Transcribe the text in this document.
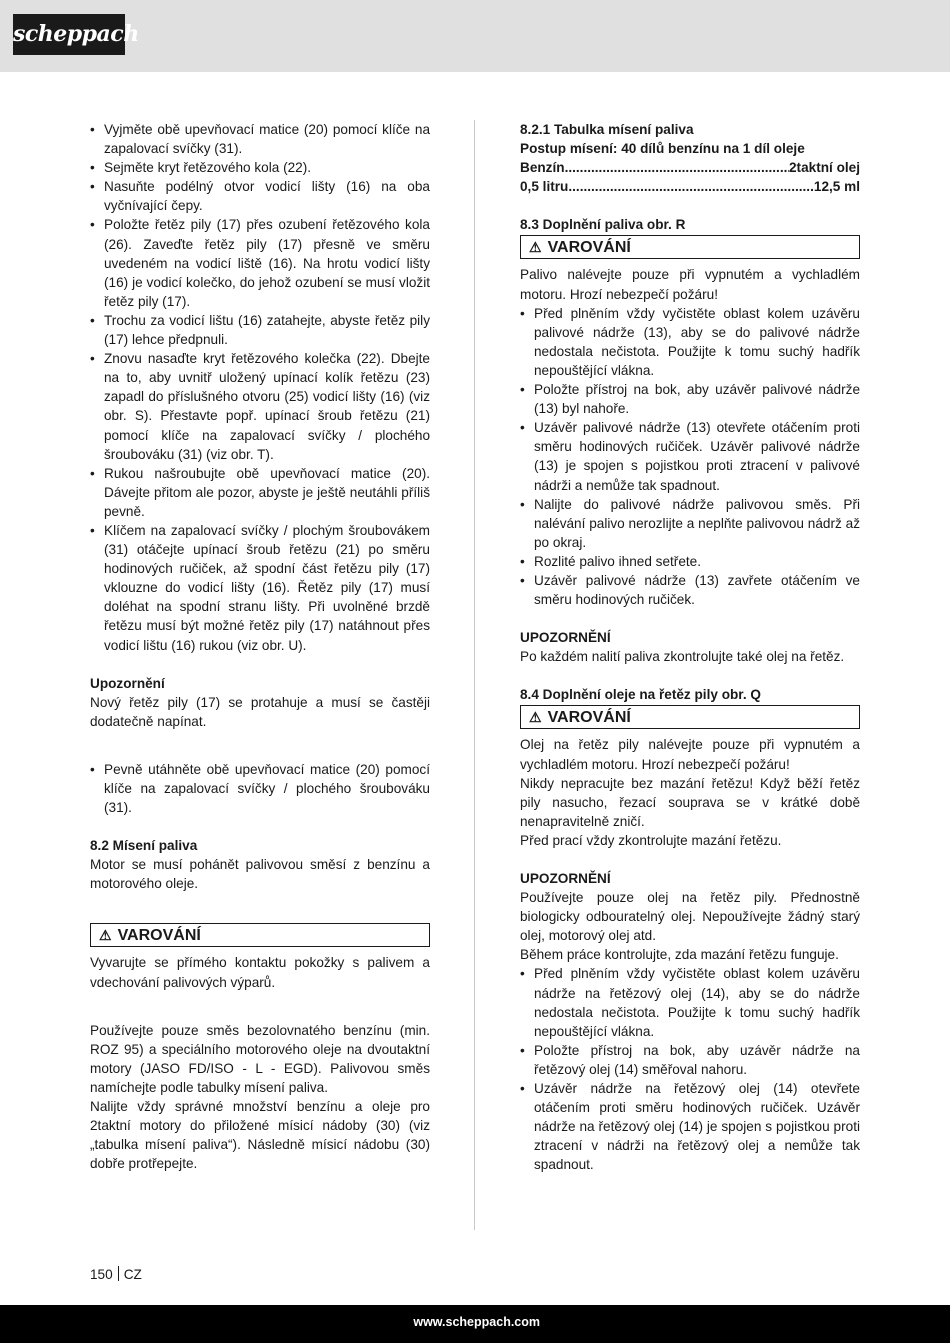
scheppach
• Vyjměte obě upevňovací matice (20) pomocí klíče na zapalovací svíčky (31).
• Sejměte kryt řetězového kola (22).
• Nasuňte podélný otvor vodicí lišty (16) na oba vyčnívající čepy.
• Položte řetěz pily (17) přes ozubení řetězového kola (26). Zaveďte řetěz pily (17) přesně ve směru uvedeném na vodicí liště (16). Na hrotu vodicí lišty (16) je vodicí kolečko, do jehož ozubení se musí vložit řetěz pily (17).
• Trochu za vodicí lištu (16) zatahejte, abyste řetěz pily (17) lehce předpnuli.
• Znovu nasaďte kryt řetězového kolečka (22). Dbejte na to, aby uvnitř uložený upínací kolík řetězu (23) zapadl do příslušného otvoru (25) vodicí lišty (16) (viz obr. S). Přestavte popř. upínací šroub řetězu (21) pomocí klíče na zapalovací svíčky / plochého šroubováku (31) (viz obr. T).
• Rukou našroubujte obě upevňovací matice (20). Dávejte přitom ale pozor, abyste je ještě neutáhli příliš pevně.
• Klíčem na zapalovací svíčky / plochým šroubovákem (31) otáčejte upínací šroub řetězu (21) po směru hodinových ručiček, až spodní část řetězu pily (17) vklouzne do vodicí lišty (16). Řetěz pily (17) musí doléhat na spodní stranu lišty. Při uvolněné brzdě řetězu musí být možné řetěz pily (17) natáhnout přes vodicí lištu (16) rukou (viz obr. U).

Upozornění

Nový řetěz pily (17) se protahuje a musí se častěji dodatečně napínat.

• Pevně utáhněte obě upevňovací matice (20) pomocí klíče na zapalovací svíčky / plochého šroubováku (31).

8.2 Mísení paliva

Motor se musí pohánět palivovou směsí z benzínu a motorového oleje.

⚠ VAROVÁNÍ

Vyvarujte se přímého kontaktu pokožky s palivem a vdechování palivových výparů.

Používejte pouze směs bezolovnatého benzínu (min. ROZ 95) a speciálního motorového oleje na dvoutaktní motory (JASO FD/ISO - L - EGD). Palivovou směs namíchejte podle tabulky mísení paliva.

Nalijte vždy správné množství benzínu a oleje pro 2taktní motory do přiložené mísicí nádoby (30) (viz „tabulka mísení paliva“). Následně mísicí nádobu (30) dobře protřepejte.

8.2.1 Tabulka mísení paliva

Postup mísení: 40 dílů benzínu na 1 díl oleje

Benzín .....	2taktní olej
0,5 litru .....	12,5 ml

8.3 Doplnění paliva obr. R

⚠ VAROVÁNÍ

Palivo nalévejte pouze při vypnutém a vychladlém motoru. Hrozí nebezpečí požáru!

• Před plněním vždy vyčistěte oblast kolem uzávěru palivové nádrže (13), aby se do palivové nádrže nedostala nečistota. Použijte k tomu suchý hadřík nepouštějící vlákna.
• Položte přístroj na bok, aby uzávěr palivové nádrže (13) byl nahoře.
• Uzávěr palivové nádrže (13) otevřete otáčením proti směru hodinových ručiček. Uzávěr palivové nádrže (13) je spojen s pojistkou proti ztracení v palivové nádrži a nemůže tak spadnout.
• Nalijte do palivové nádrže palivovou směs. Při nalévání palivo nerozlijte a neplňte palivovou nádrž až po okraj.
• Rozlité palivo ihned setřete.
• Uzávěr palivové nádrže (13) zavřete otáčením ve směru hodinových ručiček.

UPOZORNĚNÍ

Po každém nalití paliva zkontrolujte také olej na řetěz.

8.4 Doplnění oleje na řetěz pily obr. Q

⚠ VAROVÁNÍ

Olej na řetěz pily nalévejte pouze při vypnutém a vychladlém motoru. Hrozí nebezpečí požáru!

Nikdy nepracujte bez mazání řetězu! Když běží řetěz pily nasucho, řezací souprava se v krátké době nenapravitelně zničí.

Před prací vždy zkontrolujte mazání řetězu.

UPOZORNĚNÍ

Používejte pouze olej na řetěz pily. Přednostně biologicky odbouratelný olej. Nepoužívejte žádný starý olej, motorový olej atd.

Během práce kontrolujte, zda mazání řetězu funguje.

• Před plněním vždy vyčistěte oblast kolem uzávěru nádrže na řetězový olej (14), aby se do nádrže nedostala nečistota. Použijte k tomu suchý hadřík nepouštějící vlákna.
• Položte přístroj na bok, aby uzávěr nádrže na řetězový olej (14) směřoval nahoru.
• Uzávěr nádrže na řetězový olej (14) otevřete otáčením proti směru hodinových ručiček. Uzávěr nádrže na řetězový olej (14) je spojen s pojistkou proti ztracení v nádrži na řetězový olej a nemůže tak spadnout.
150 CZ
www.scheppach.com
